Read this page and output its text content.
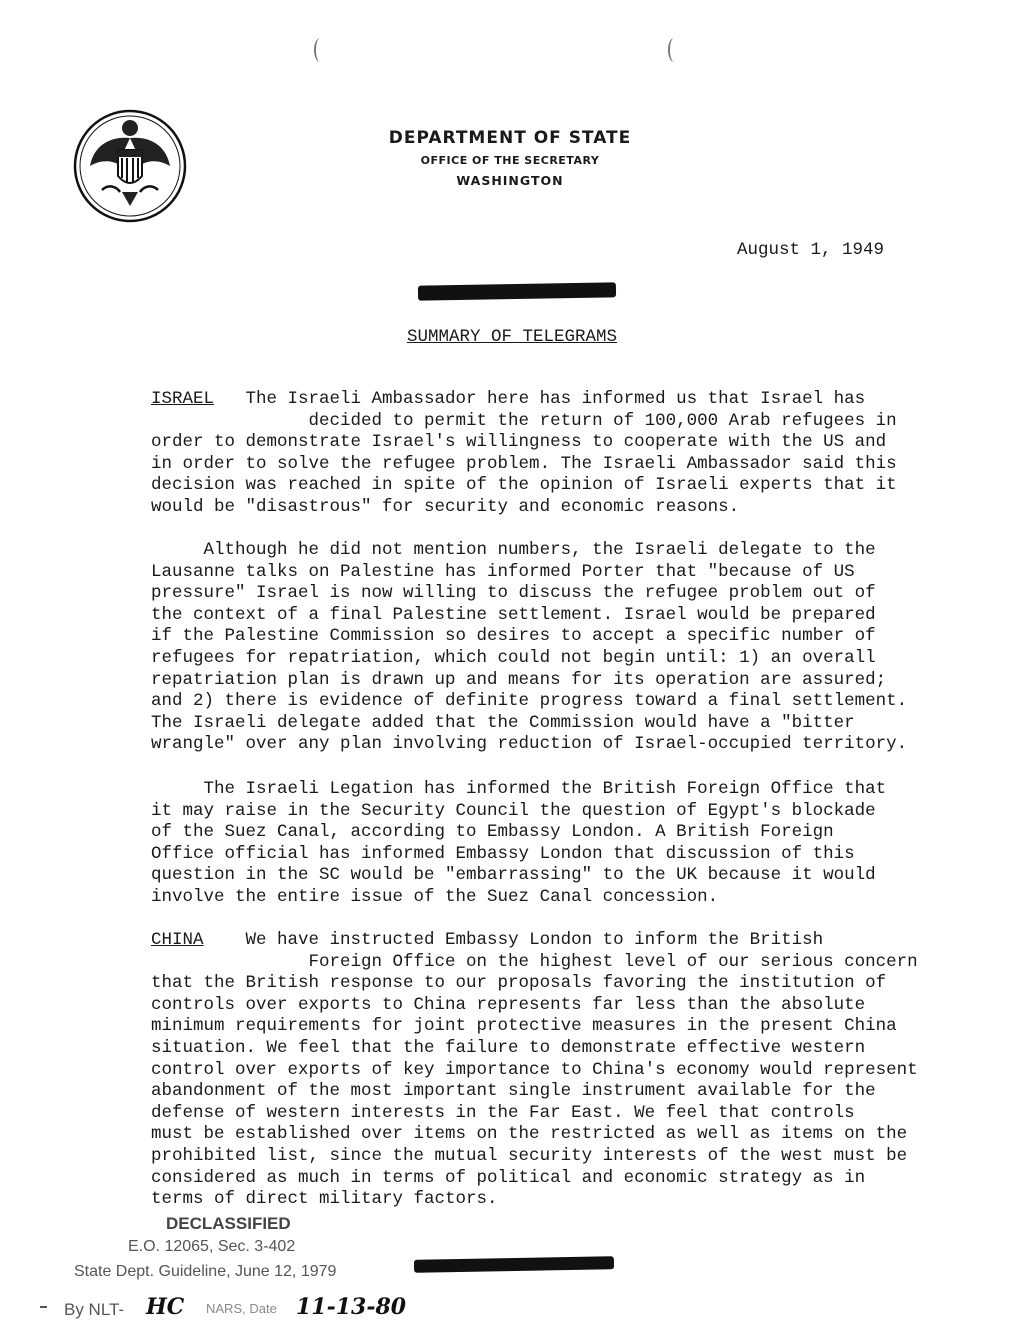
DEPARTMENT OF STATE
OFFICE OF THE SECRETARY
WASHINGTON
August 1, 1949
SUMMARY OF TELEGRAMS
ISRAEL   The Israeli Ambassador here has informed us that Israel has
decided to permit the return of 100,000 Arab refugees in
order to demonstrate Israel's willingness to cooperate with the US and
in order to solve the refugee problem. The Israeli Ambassador said this
decision was reached in spite of the opinion of Israeli experts that it
would be "disastrous" for security and economic reasons.
Although he did not mention numbers, the Israeli delegate to the
Lausanne talks on Palestine has informed Porter that "because of US
pressure" Israel is now willing to discuss the refugee problem out of
the context of a final Palestine settlement. Israel would be prepared
if the Palestine Commission so desires to accept a specific number of
refugees for repatriation, which could not begin until: 1) an overall
repatriation plan is drawn up and means for its operation are assured;
and 2) there is evidence of definite progress toward a final settlement.
The Israeli delegate added that the Commission would have a "bitter
wrangle" over any plan involving reduction of Israel-occupied territory.
The Israeli Legation has informed the British Foreign Office that
it may raise in the Security Council the question of Egypt's blockade
of the Suez Canal, according to Embassy London. A British Foreign
Office official has informed Embassy London that discussion of this
question in the SC would be "embarrassing" to the UK because it would
involve the entire issue of the Suez Canal concession.
CHINA    We have instructed Embassy London to inform the British
Foreign Office on the highest level of our serious concern
that the British response to our proposals favoring the institution of
controls over exports to China represents far less than the absolute
minimum requirements for joint protective measures in the present China
situation. We feel that the failure to demonstrate effective western
control over exports of key importance to China's economy would represent
abandonment of the most important single instrument available for the
defense of western interests in the Far East. We feel that controls
must be established over items on the restricted as well as items on the
prohibited list, since the mutual security interests of the west must be
considered as much in terms of political and economic strategy as in
terms of direct military factors.
DECLASSIFIED
E.O. 12065, Sec. 3-402
State Dept. Guideline, June 12, 1979
By NLT- HC NARS, Date 11-13-80
